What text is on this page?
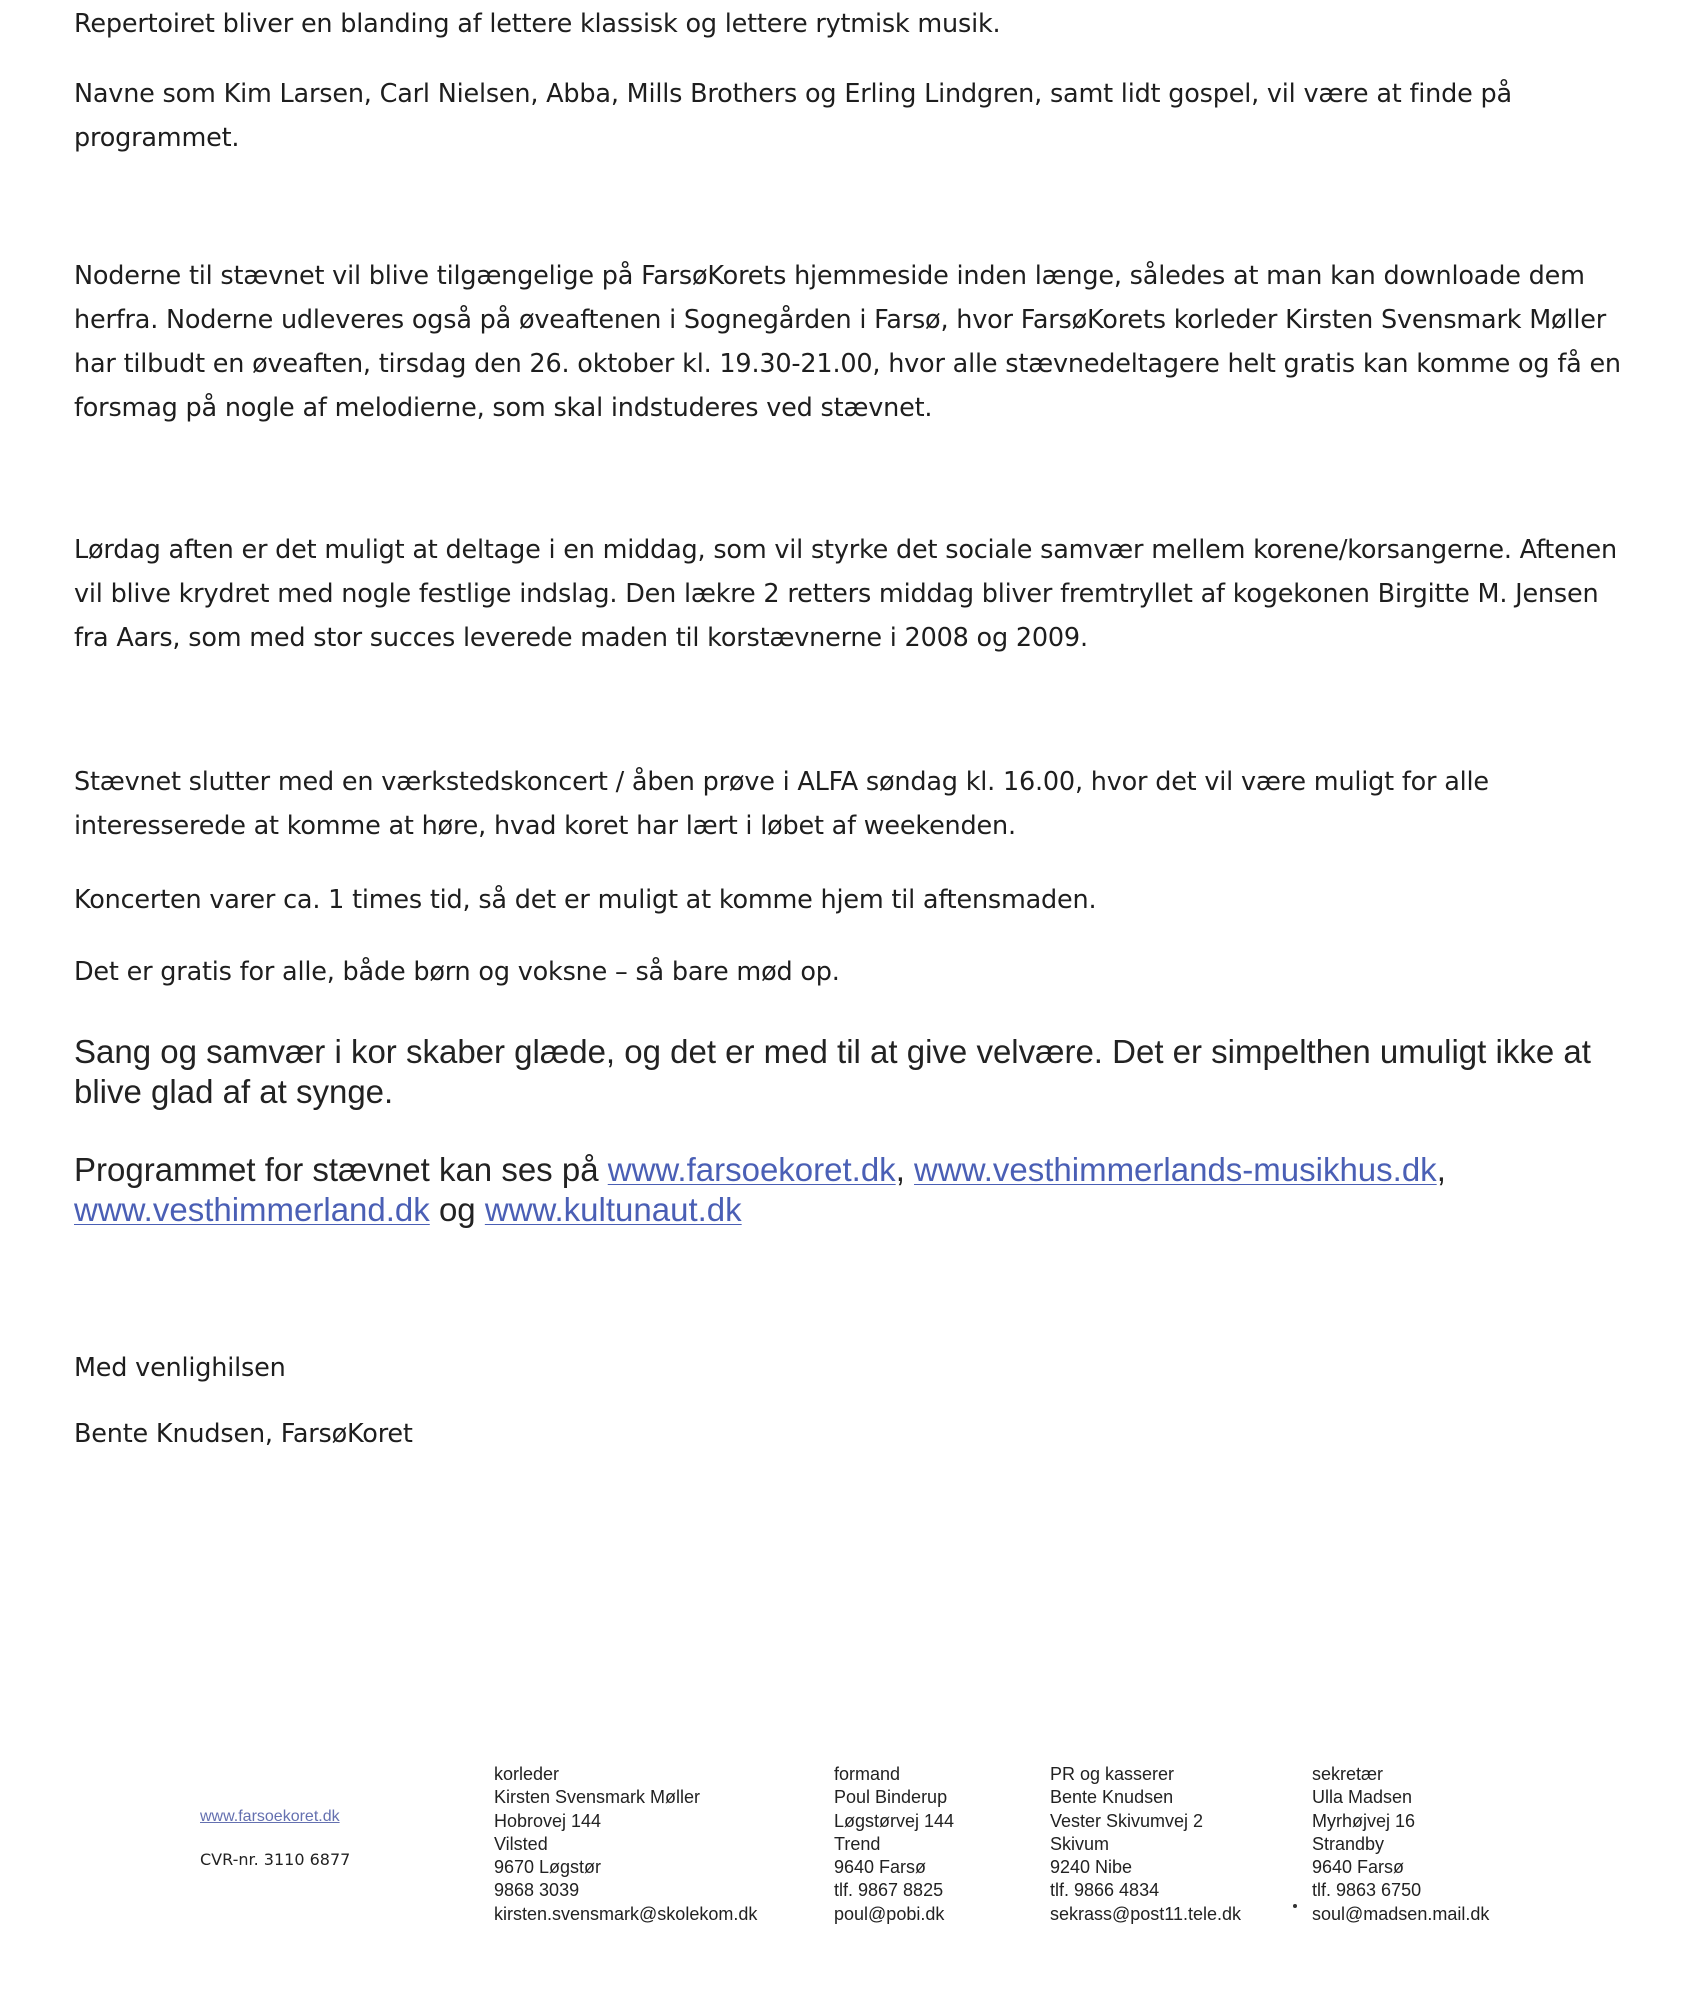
Repertoiret bliver en blanding af lettere klassisk og lettere rytmisk musik.

Navne som Kim Larsen, Carl Nielsen, Abba, Mills Brothers og Erling Lindgren, samt lidt gospel, vil være at finde på programmet.

Noderne til stævnet vil blive tilgængelige på FarsøKorets hjemmeside inden længe, således at man kan downloade dem herfra. Noderne udleveres også på øveaftenen i Sognegården i Farsø, hvor FarsøKorets korleder Kirsten Svensmark Møller har tilbudt en øveaften, tirsdag den 26. oktober kl. 19.30-21.00, hvor alle stævnedeltagere helt gratis kan komme og få en forsmag på nogle af melodierne, som skal indstuderes ved stævnet.

Lørdag aften er det muligt at deltage i en middag, som vil styrke det sociale samvær mellem korene/korsangerne. Aftenen vil blive krydret med nogle festlige indslag. Den lækre 2 retters middag bliver fremtryllet af kogekonen Birgitte M. Jensen fra Aars, som med stor succes leverede maden til korstævnerne i 2008 og 2009.

Stævnet slutter med en værkstedskoncert / åben prøve i ALFA søndag kl. 16.00, hvor det vil være muligt for alle interesserede at komme at høre, hvad koret har lært i løbet af weekenden.

Koncerten varer ca. 1 times tid, så det er muligt at komme hjem til aftensmaden.

Det er gratis for alle, både børn og voksne – så bare mød op.

Sang og samvær i kor skaber glæde, og det er med til at give velvære. Det er simpelthen umuligt ikke at blive glad af at synge.

Programmet for stævnet kan ses på www.farsoekoret.dk, www.vesthimmerlands-musikhus.dk,
www.vesthimmerland.dk og www.kultunaut.dk

Med venlighilsen

Bente Knudsen, FarsøKoret

www.farsoekoret.dk
CVR-nr. 3110 6877
korleder
Kirsten Svensmark Møller
Hobrovej 144
Vilsted
9670 Løgstør
9868 3039
kirsten.svensmark@skolekom.dk
formand
Poul Binderup
Løgstørvej 144
Trend
9640 Farsø
tlf. 9867 8825
poul@pobi.dk
PR og kasserer
Bente Knudsen
Vester Skivumvej 2
Skivum
9240 Nibe
tlf. 9866 4834
sekrass@post11.tele.dk
sekretær
Ulla Madsen
Myrhøjvej 16
Strandby
9640 Farsø
tlf. 9863 6750
soul@madsen.mail.dk
